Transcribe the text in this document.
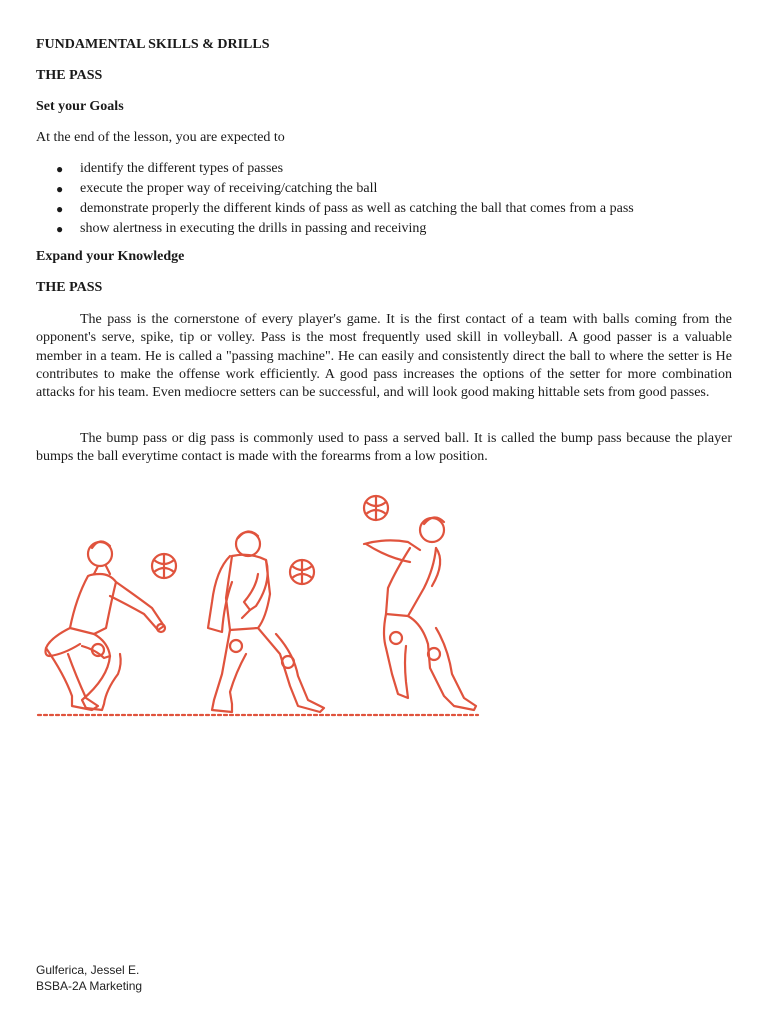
FUNDAMENTAL SKILLS & DRILLS

THE PASS

Set your Goals

At the end of the lesson, you are expected to

● identify the different types of passes
● execute the proper way of receiving/catching the ball
● demonstrate properly the different kinds of pass as well as catching the ball that comes from a pass
● show alertness in executing the drills in passing and receiving

Expand your Knowledge

THE PASS

The pass is the cornerstone of every player's game. It is the first contact of a team with balls coming from the opponent's serve, spike, tip or volley. Pass is the most frequently used skill in volleyball. A good passer is a valuable member in a team. He is called a "passing machine". He can easily and consistently direct the ball to where the setter is He contributes to make the offense work efficiently. A good pass increases the options of the setter for more combination attacks for his team. Even mediocre setters can be successful, and will look good making hittable sets from good passes.

The bump pass or dig pass is commonly used to pass a served ball. It is called the bump pass because the player bumps the ball everytime contact is made with the forearms from a low position.

Gulferica, Jessel E.
BSBA-2A Marketing
